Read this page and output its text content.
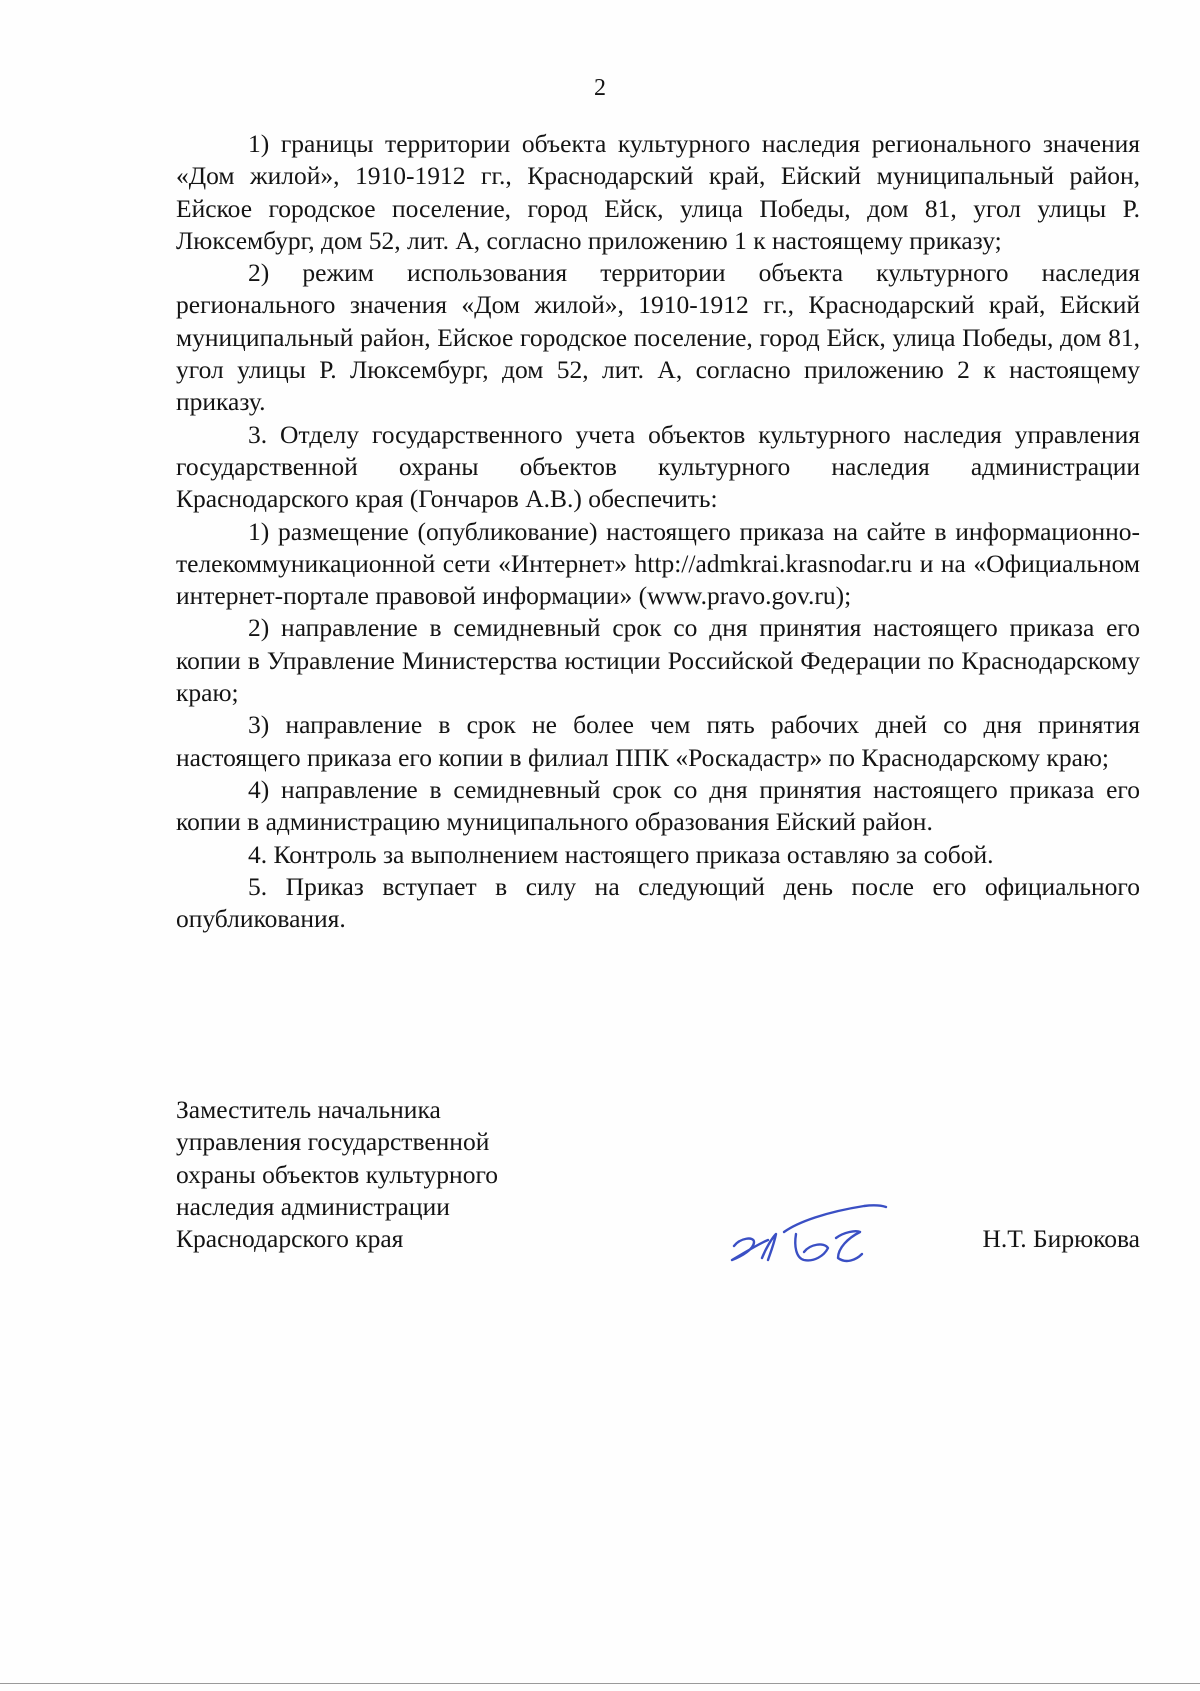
2

1) границы территории объекта культурного наследия регионального значения «Дом жилой», 1910-1912 гг., Краснодарский край, Ейский муниципальный район, Ейское городское поселение, город Ейск, улица Победы, дом 81, угол улицы Р. Люксембург, дом 52, лит. А, согласно приложению 1 к настоящему приказу;

2) режим использования территории объекта культурного наследия регионального значения «Дом жилой», 1910-1912 гг., Краснодарский край, Ейский муниципальный район, Ейское городское поселение, город Ейск, улица Победы, дом 81, угол улицы Р. Люксембург, дом 52, лит. А, согласно приложению 2 к настоящему приказу.

3. Отделу государственного учета объектов культурного наследия управления государственной охраны объектов культурного наследия администрации Краснодарского края (Гончаров А.В.) обеспечить:

1) размещение (опубликование) настоящего приказа на сайте в информационно-телекоммуникационной сети «Интернет» http://admkrai.krasnodar.ru и на «Официальном интернет-портале правовой информации» (www.pravo.gov.ru);

2) направление в семидневный срок со дня принятия настоящего приказа его копии в Управление Министерства юстиции Российской Федерации по Краснодарскому краю;

3) направление в срок не более чем пять рабочих дней со дня принятия настоящего приказа его копии в филиал ППК «Роскадастр» по Краснодарскому краю;

4) направление в семидневный срок со дня принятия настоящего приказа его копии в администрацию муниципального образования Ейский район.

4. Контроль за выполнением настоящего приказа оставляю за собой.

5. Приказ вступает в силу на следующий день после его официального опубликования.

Заместитель начальника
управления государственной
охраны объектов культурного
наследия администрации
Краснодарского края	Н.Т. Бирюкова
